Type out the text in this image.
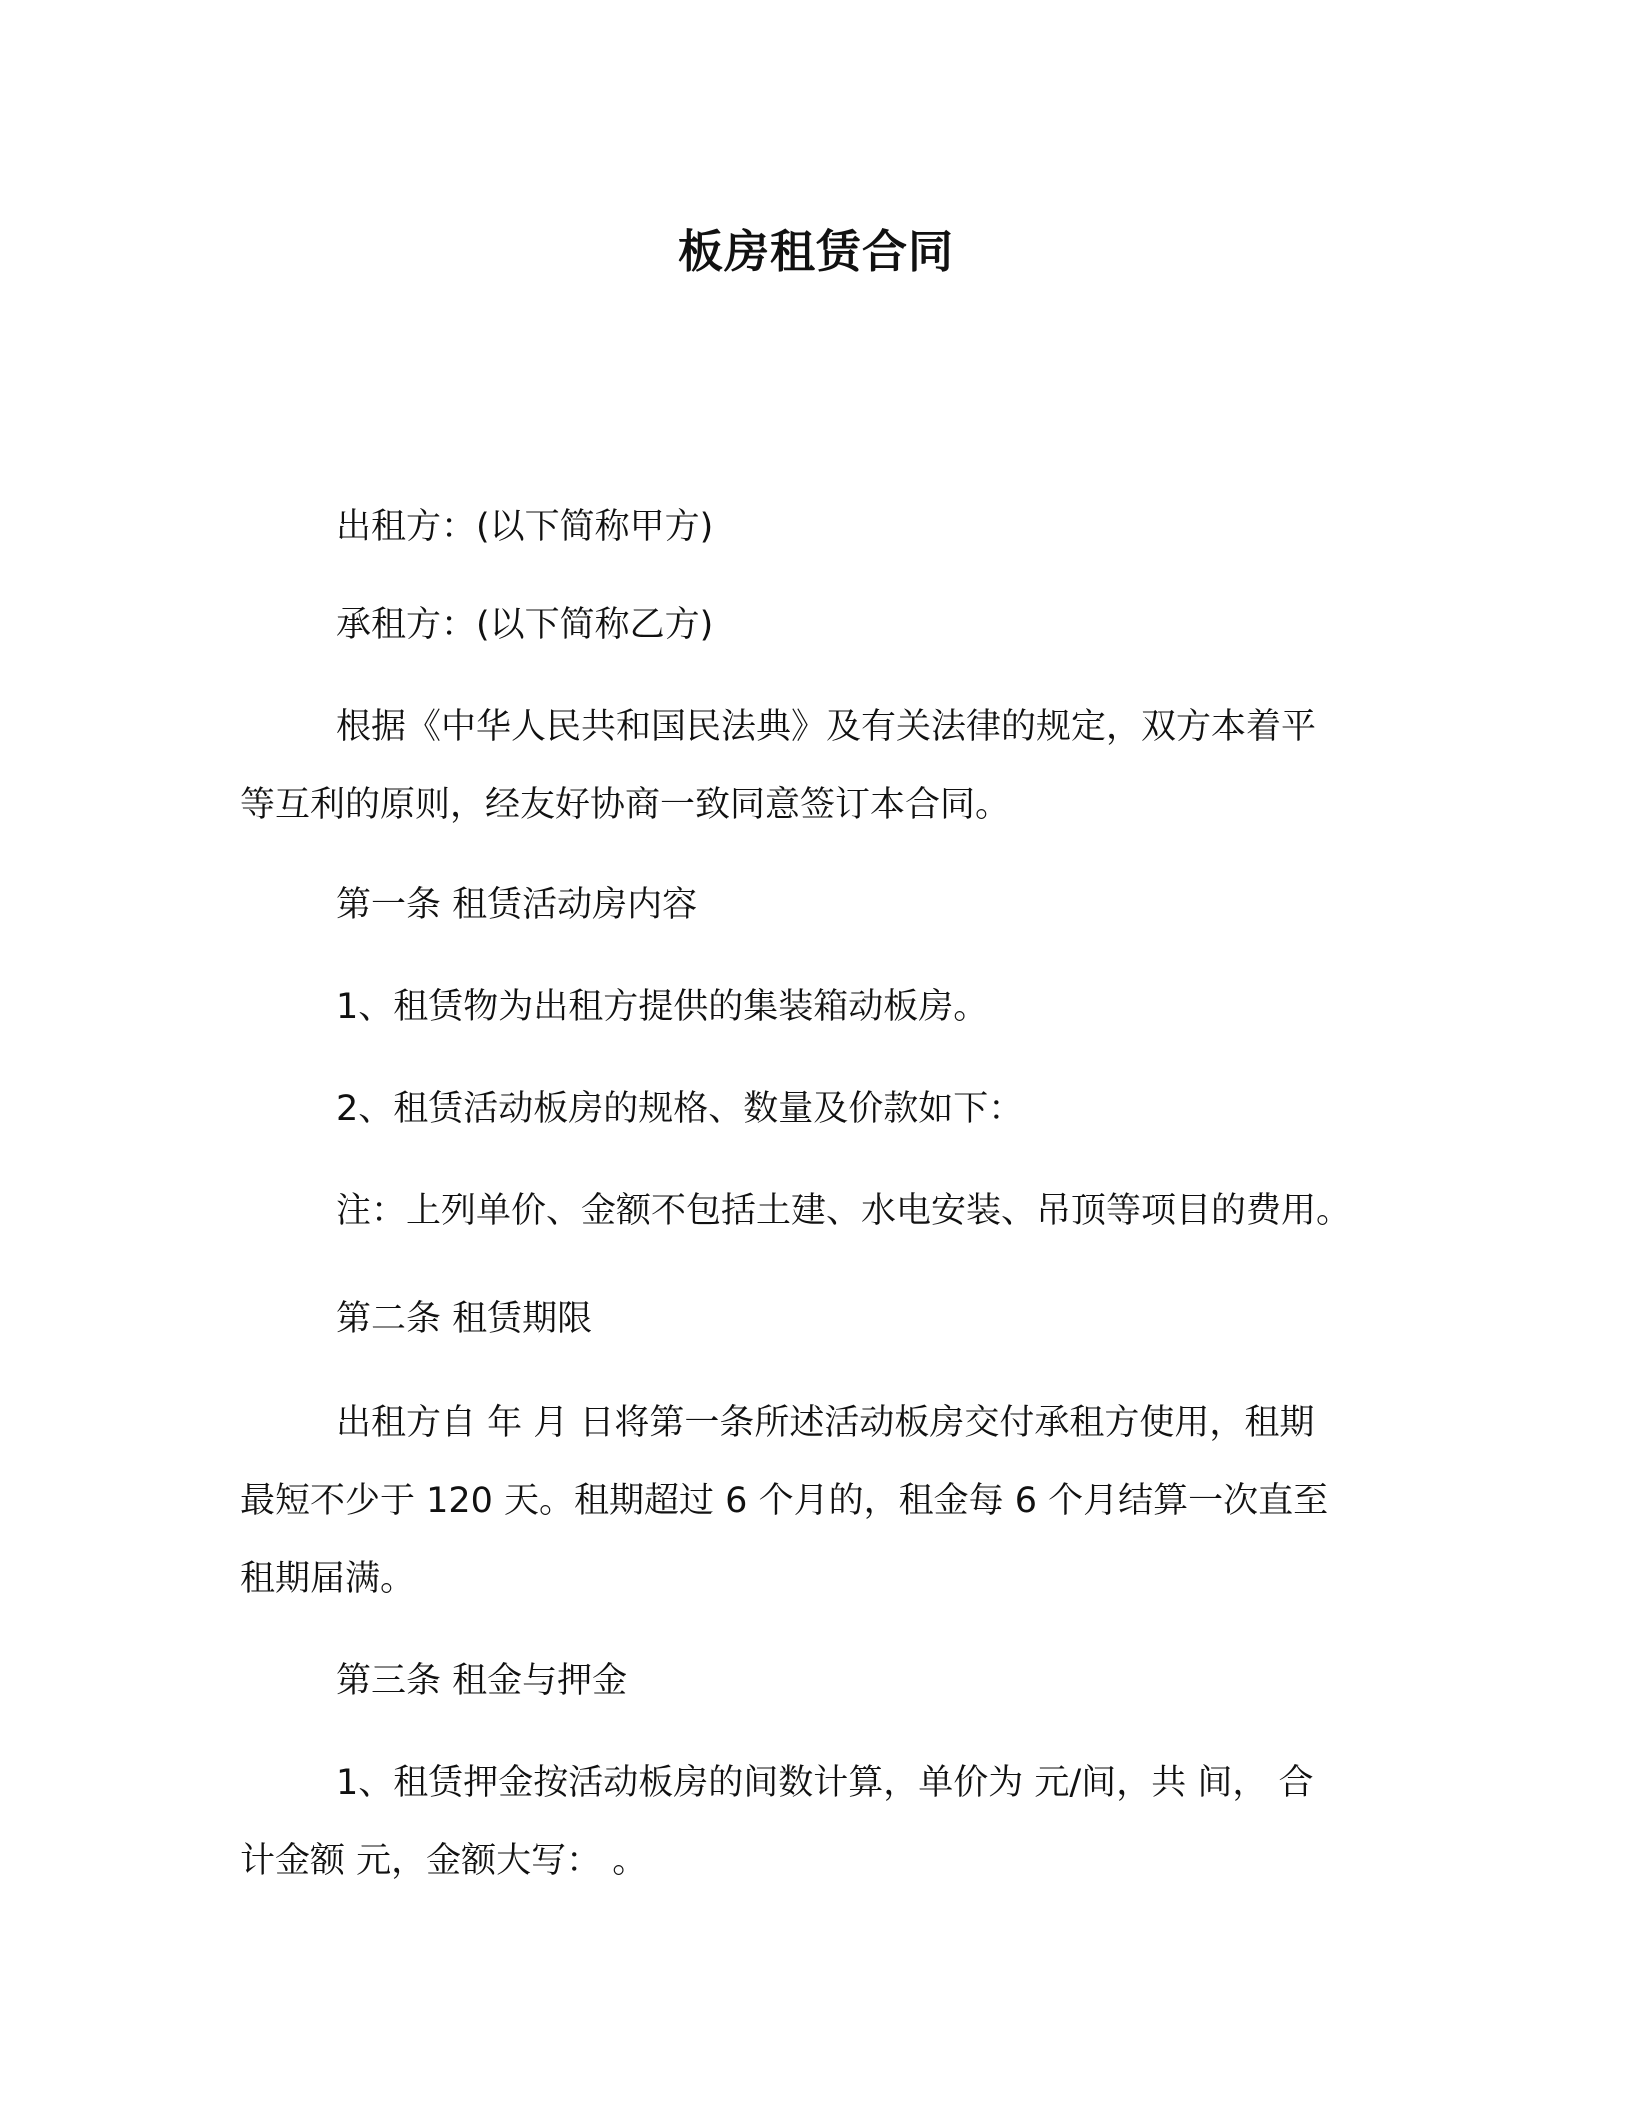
板房租赁合同
出租方：(以下简称甲方)
承租方：(以下简称乙方)
根据《中华人民共和国民法典》及有关法律的规定，双方本着平
等互利的原则，经友好协商一致同意签订本合同。
第一条 租赁活动房内容
1、租赁物为出租方提供的集装箱动板房。
2、租赁活动板房的规格、数量及价款如下：
注：上列单价、金额不包括土建、水电安装、吊顶等项目的费用。
第二条 租赁期限
出租方自 年 月 日将第一条所述活动板房交付承租方使用，租期
最短不少于 120 天。租期超过 6 个月的，租金每 6 个月结算一次直至
租期届满。
第三条 租金与押金
1、租赁押金按活动板房的间数计算，单价为 元/间，共 间， 合
计金额 元，金额大写： 。
